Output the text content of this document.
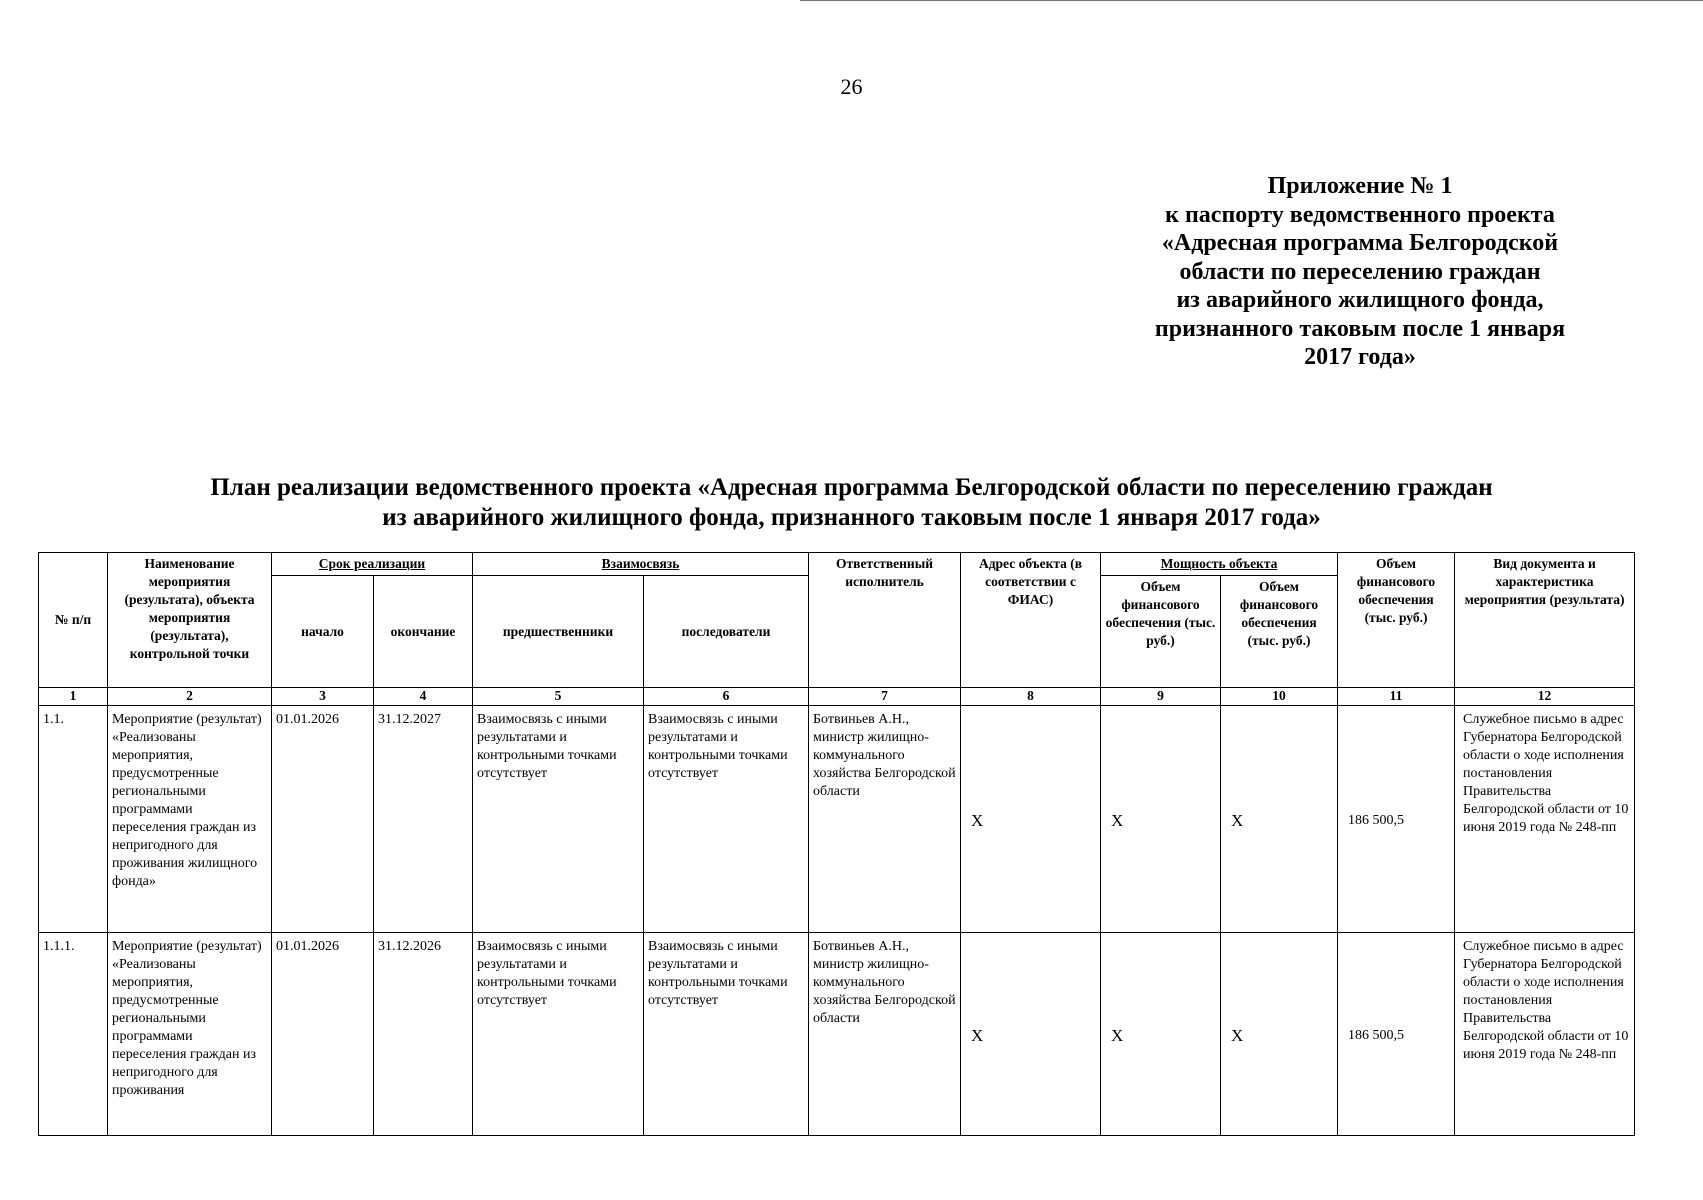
26
Приложение № 1
к паспорту ведомственного проекта
«Адресная программа Белгородской
области по переселению граждан
из аварийного жилищного фонда,
признанного таковым после 1 января
2017 года»
План реализации ведомственного проекта «Адресная программа Белгородской области по переселению граждан
из аварийного жилищного фонда, признанного таковым после 1 января 2017 года»
№ п/п	Наименование мероприятия (результата), объекта мероприятия (результата), контрольной точки	Срок реализации		Взаимосвязь		Ответственный исполнитель	Адрес объекта (в соответствии с ФИАС)	Мощность объекта		Объем финансового обеспечения (тыс. руб.)	Вид документа и характеристика мероприятия (результата)
		начало	окончание	предшественники	последователи			Объем финансового обеспечения (тыс. руб.)	Объем финансового обеспечения (тыс. руб.)		
1	2	3	4	5	6	7	8	9	10	11	12
1.1.	Мероприятие (результат) «Реализованы мероприятия, предусмотренные региональными программами переселения граждан из непригодного для проживания жилищного фонда»	01.01.2026	31.12.2027	Взаимосвязь с иными результатами и контрольными точками отсутствует	Взаимосвязь с иными результатами и контрольными точками отсутствует	Ботвиньев А.Н., министр жилищно-коммунального хозяйства Белгородской области	X	X	X	186 500,5	Служебное письмо в адрес Губернатора Белгородской области о ходе исполнения постановления Правительства Белгородской области от 10 июня 2019 года № 248-пп
1.1.1.	Мероприятие (результат) «Реализованы мероприятия, предусмотренные региональными программами переселения граждан из непригодного для проживания	01.01.2026	31.12.2026	Взаимосвязь с иными результатами и контрольными точками отсутствует	Взаимосвязь с иными результатами и контрольными точками отсутствует	Ботвиньев А.Н., министр жилищно-коммунального хозяйства Белгородской области	X	X	X	186 500,5	Служебное письмо в адрес Губернатора Белгородской области о ходе исполнения постановления Правительства Белгородской области от 10 июня 2019 года № 248-пп
